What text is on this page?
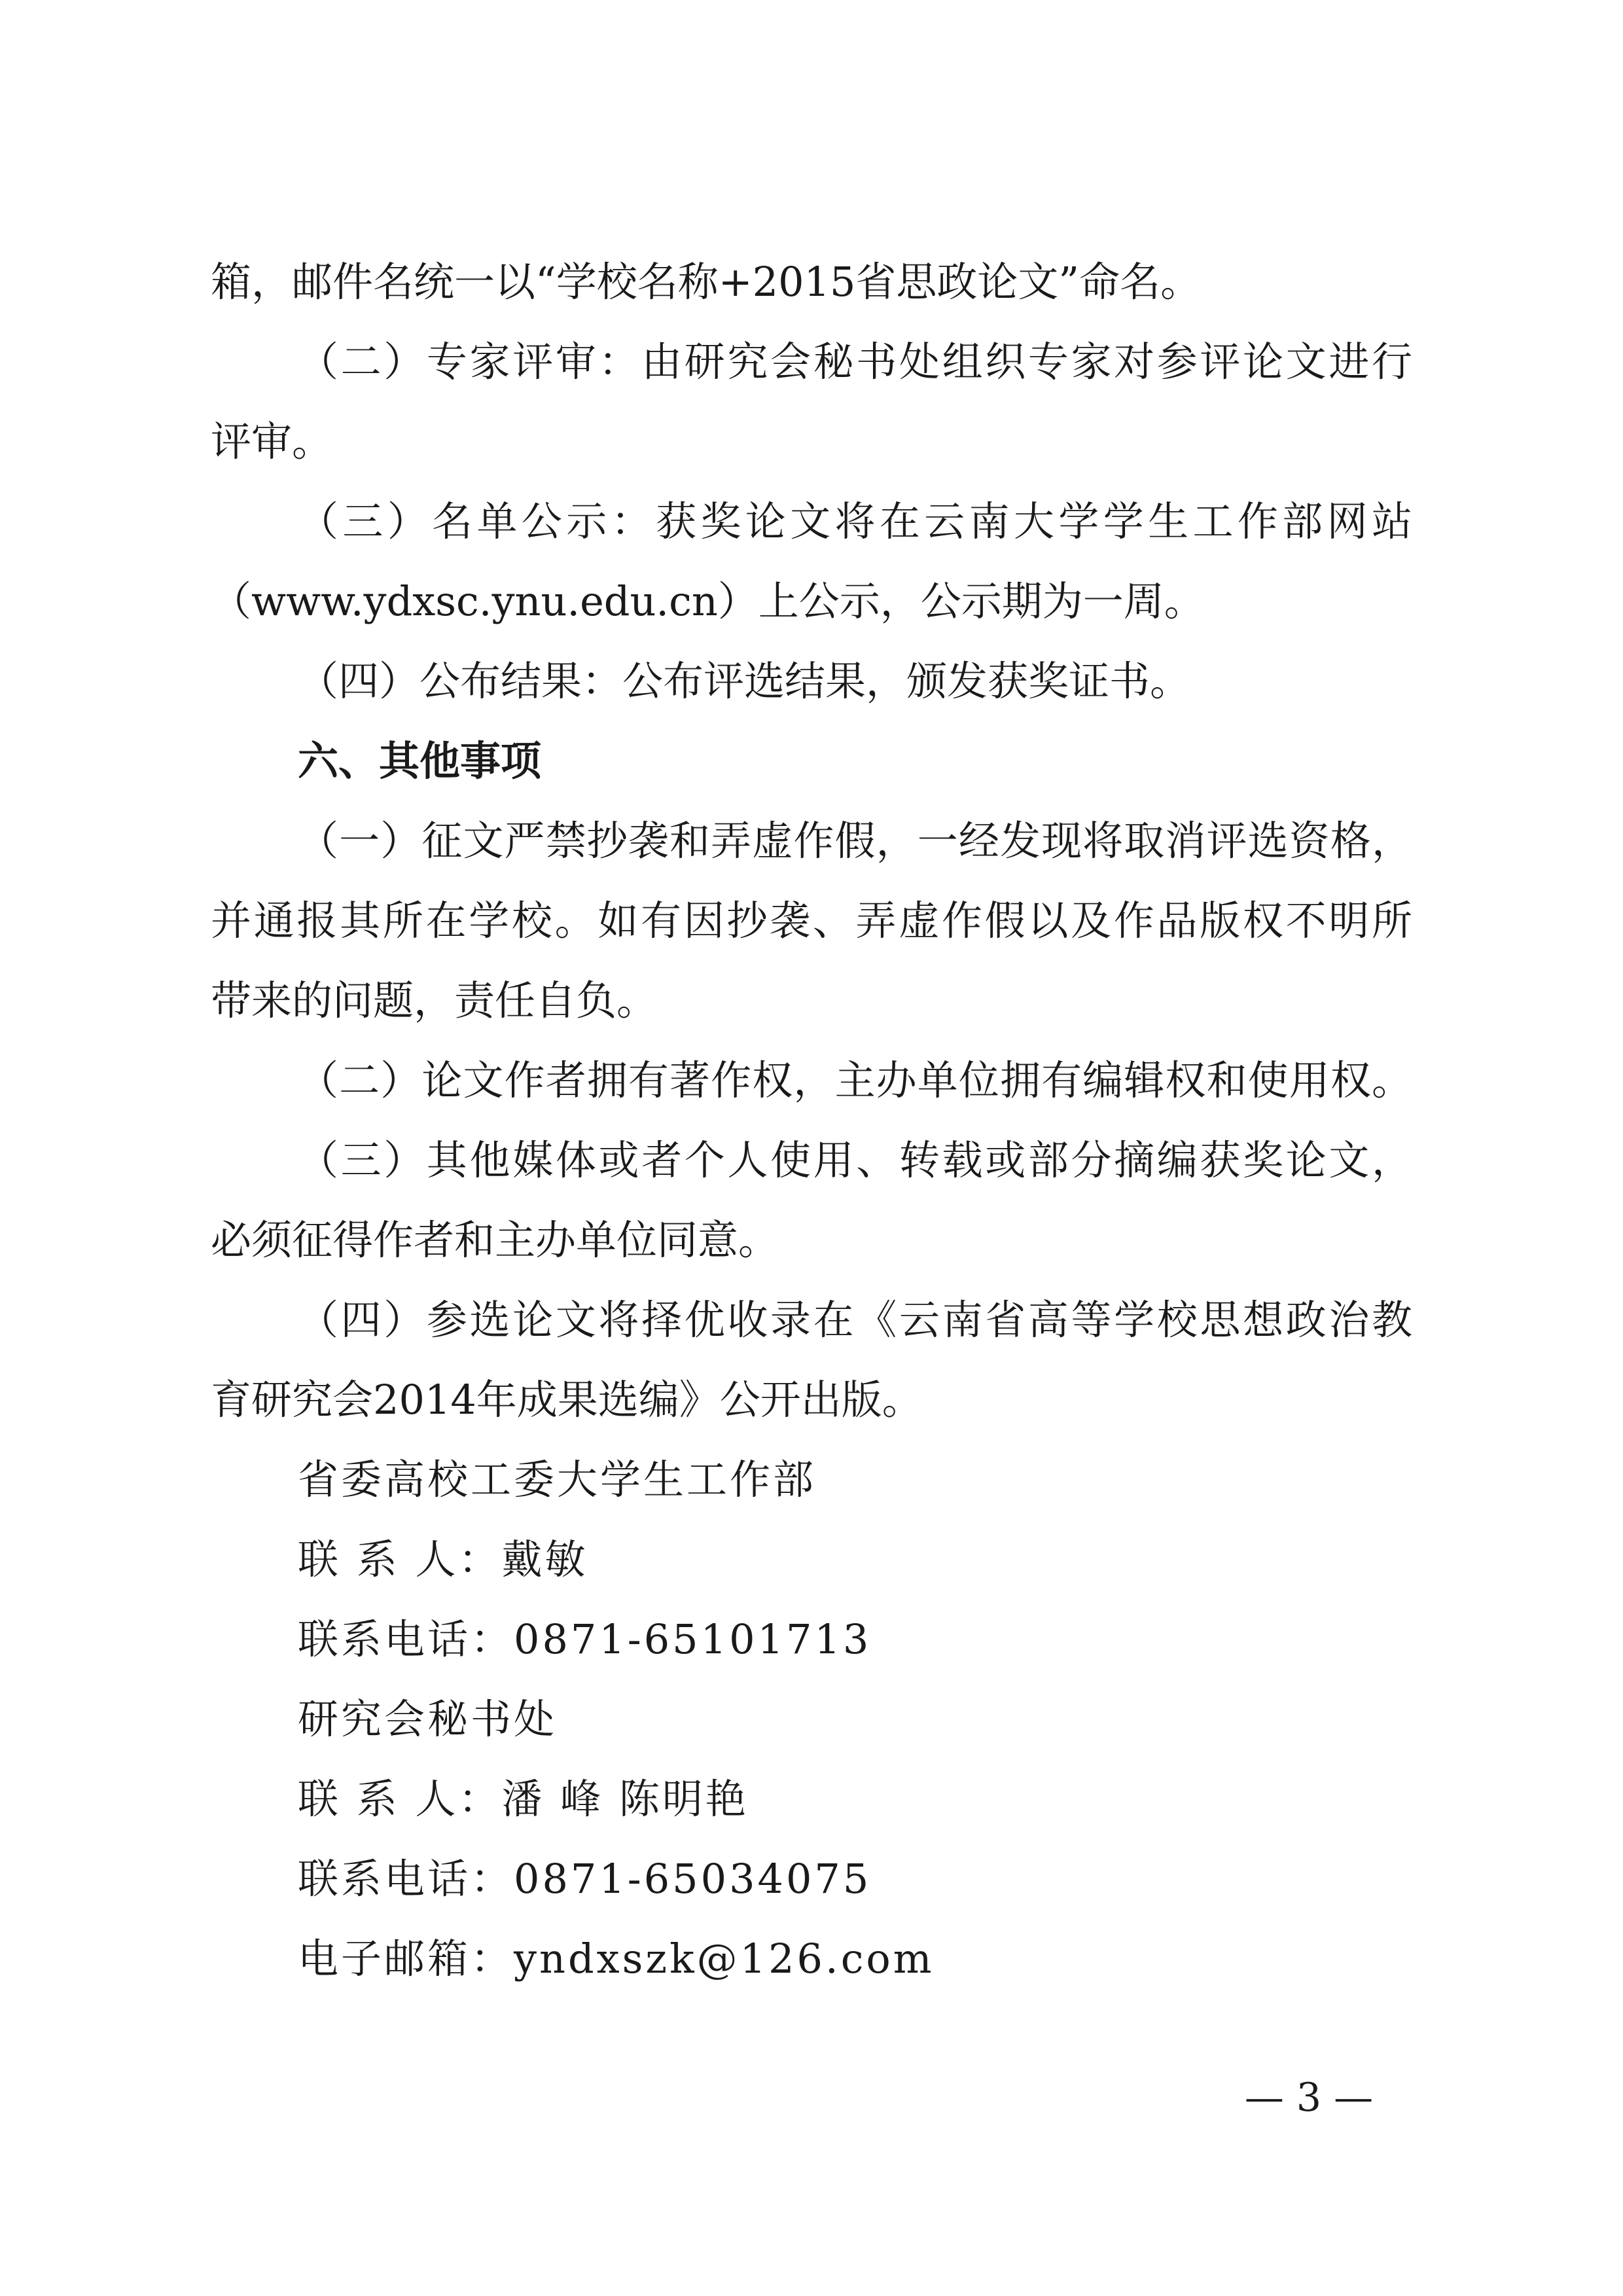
箱，邮件名统一以“学校名称+2015省思政论文”命名。
（二）专家评审：由研究会秘书处组织专家对参评论文进行
评审。
（三）名单公示：获奖论文将在云南大学学生工作部网站
（www.ydxsc.ynu.edu.cn）上公示，公示期为一周。
（四）公布结果：公布评选结果，颁发获奖证书。
六、其他事项
（一）征文严禁抄袭和弄虚作假，一经发现将取消评选资格，
并通报其所在学校。如有因抄袭、弄虚作假以及作品版权不明所
带来的问题，责任自负。
（二）论文作者拥有著作权，主办单位拥有编辑权和使用权。
（三）其他媒体或者个人使用、转载或部分摘编获奖论文，
必须征得作者和主办单位同意。
（四）参选论文将择优收录在《云南省高等学校思想政治教
育研究会2014年成果选编》公开出版。
省委高校工委大学生工作部
联 系 人：戴敏
联系电话：0871-65101713
研究会秘书处
联 系 人：潘 峰 陈明艳
联系电话：0871-65034075
电子邮箱：yndxszk@126.com
— 3 —
